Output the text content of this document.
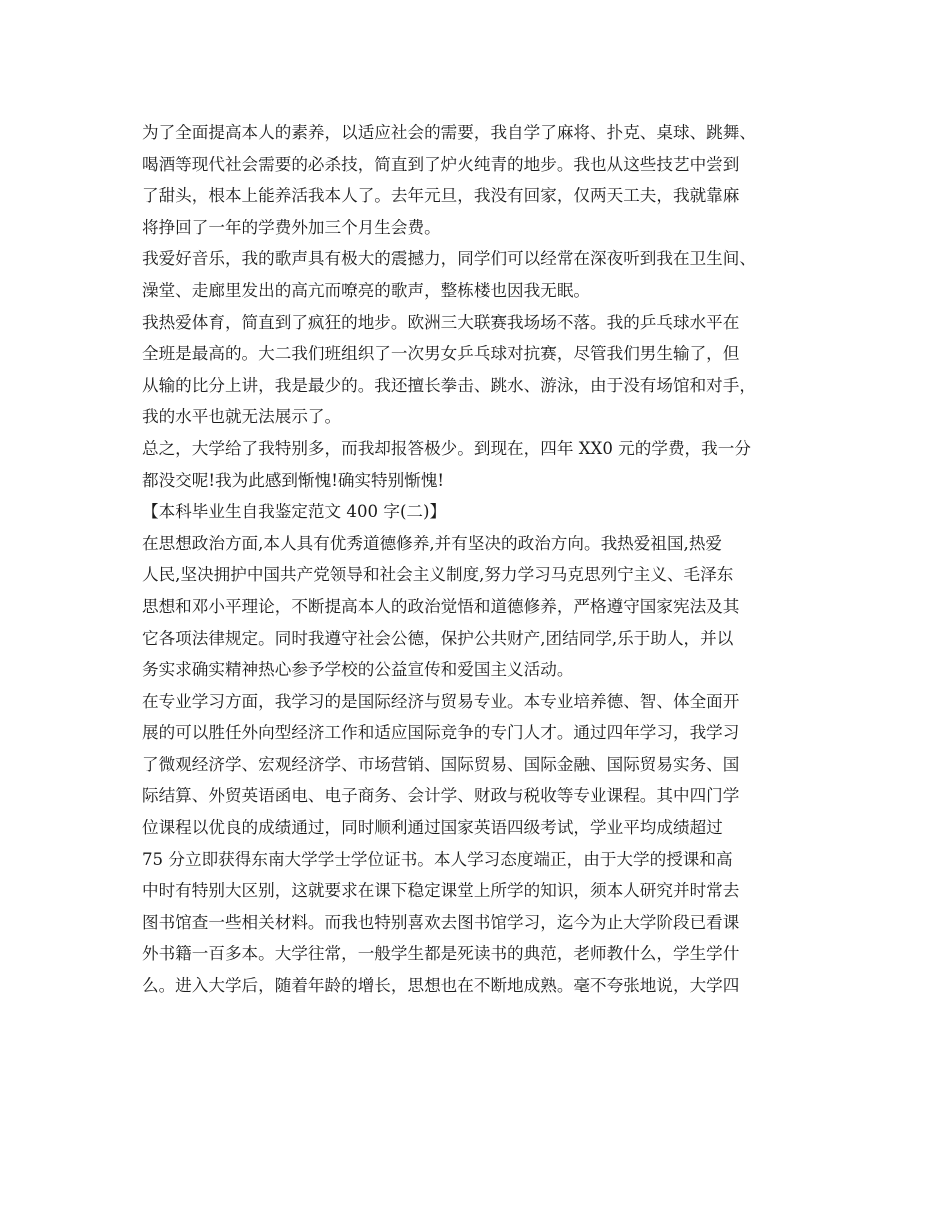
为了全面提高本人的素养，以适应社会的需要，我自学了麻将、扑克、桌球、跳舞、
喝酒等现代社会需要的必杀技，简直到了炉火纯青的地步。我也从这些技艺中尝到
了甜头，根本上能养活我本人了。去年元旦，我没有回家，仅两天工夫，我就靠麻
将挣回了一年的学费外加三个月生会费。
我爱好音乐，我的歌声具有极大的震撼力，同学们可以经常在深夜听到我在卫生间、
澡堂、走廊里发出的高亢而嘹亮的歌声，整栋楼也因我无眠。
我热爱体育，简直到了疯狂的地步。欧洲三大联赛我场场不落。我的乒乓球水平在
全班是最高的。大二我们班组织了一次男女乒乓球对抗赛，尽管我们男生输了，但
从输的比分上讲，我是最少的。我还擅长拳击、跳水、游泳，由于没有场馆和对手，
我的水平也就无法展示了。
总之，大学给了我特别多，而我却报答极少。到现在，四年 XX0 元的学费，我一分
都没交呢!我为此感到惭愧!确实特别惭愧!
【本科毕业生自我鉴定范文 400 字(二)】
在思想政治方面,本人具有优秀道德修养,并有坚决的政治方向。我热爱祖国,热爱
人民,坚决拥护中国共产党领导和社会主义制度,努力学习马克思列宁主义、毛泽东
思想和邓小平理论，不断提高本人的政治觉悟和道德修养，严格遵守国家宪法及其
它各项法律规定。同时我遵守社会公德，保护公共财产,团结同学,乐于助人，并以
务实求确实精神热心参予学校的公益宣传和爱国主义活动。
在专业学习方面，我学习的是国际经济与贸易专业。本专业培养德、智、体全面开
展的可以胜任外向型经济工作和适应国际竞争的专门人才。通过四年学习，我学习
了微观经济学、宏观经济学、市场营销、国际贸易、国际金融、国际贸易实务、国
际结算、外贸英语函电、电子商务、会计学、财政与税收等专业课程。其中四门学
位课程以优良的成绩通过，同时顺利通过国家英语四级考试，学业平均成绩超过
75 分立即获得东南大学学士学位证书。本人学习态度端正，由于大学的授课和高
中时有特别大区别，这就要求在课下稳定课堂上所学的知识，须本人研究并时常去
图书馆查一些相关材料。而我也特别喜欢去图书馆学习，迄今为止大学阶段已看课
外书籍一百多本。大学往常，一般学生都是死读书的典范，老师教什么，学生学什
么。进入大学后，随着年龄的增长，思想也在不断地成熟。毫不夸张地说，大学四
